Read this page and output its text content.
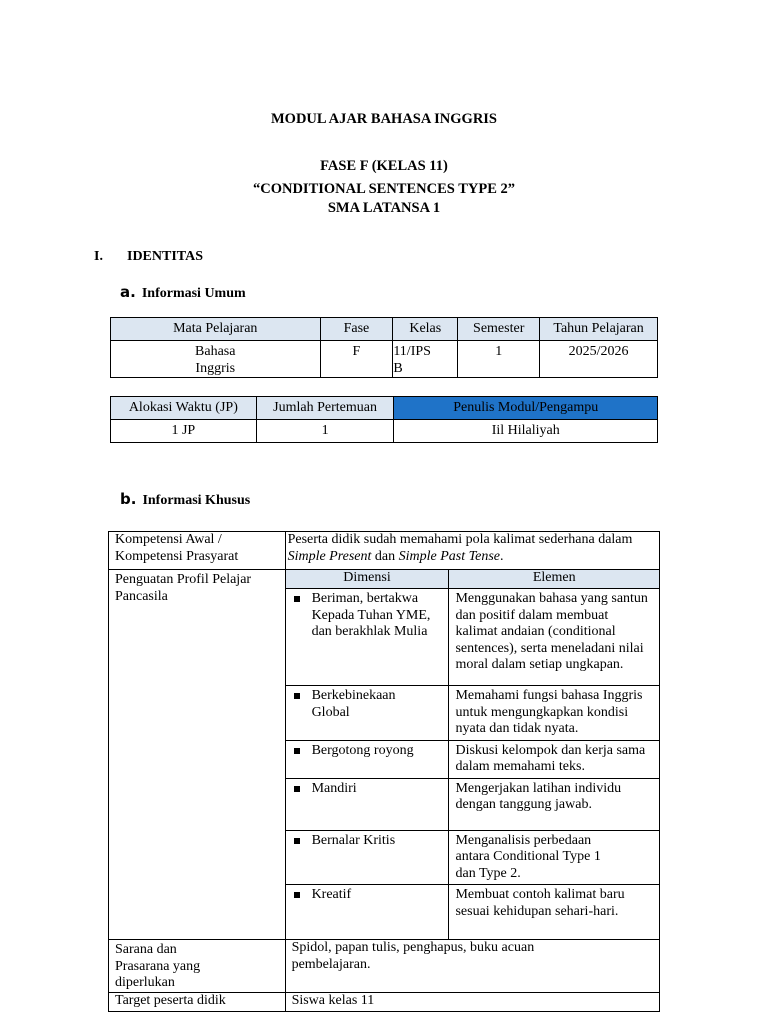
MODUL AJAR BAHASA INGGRIS
FASE F (KELAS 11)
“CONDITIONAL SENTENCES TYPE 2”
SMA LATANSA 1
I. IDENTITAS
a. Informasi Umum
Mata Pelajaran	Fase	Kelas	Semester	Tahun Pelajaran

Bahasa Inggris	F	11/IPS B	1	2025/2026
Alokasi Waktu (JP)	Jumlah Pertemuan	Penulis Modul/Pengampu
1 JP	1	Iil Hilaliyah
b. Informasi Khusus
Kompetensi Awal / Kompetensi Prasyarat	Peserta didik sudah memahami pola kalimat sederhana dalam Simple Present dan Simple Past Tense.	
Penguatan Profil Pelajar Pancasila	Dimensi	Elemen

	Beriman, bertakwa Kepada Tuhan YME, dan berakhlak Mulia	Menggunakan bahasa yang santun dan positif dalam membuat kalimat andaian (conditional sentences), serta meneladani nilai moral dalam setiap ungkapan.

	Berkebinekaan Global	Memahami fungsi bahasa Inggris untuk mengungkapkan kondisi nyata dan tidak nyata.

	Bergotong royong	Diskusi kelompok dan kerja sama dalam memahami teks.

	Mandiri	Mengerjakan latihan individu dengan tanggung jawab.

	Bernalar Kritis	Menganalisis perbedaan antara Conditional Type 1 dan Type 2.

	Kreatif	Membuat contoh kalimat baru sesuai kehidupan sehari-hari.

Sarana dan Prasarana yang diperlukan	Spidol, papan tulis, penghapus, buku acuan pembelajaran.	

Target peserta didik	Siswa kelas 11	
